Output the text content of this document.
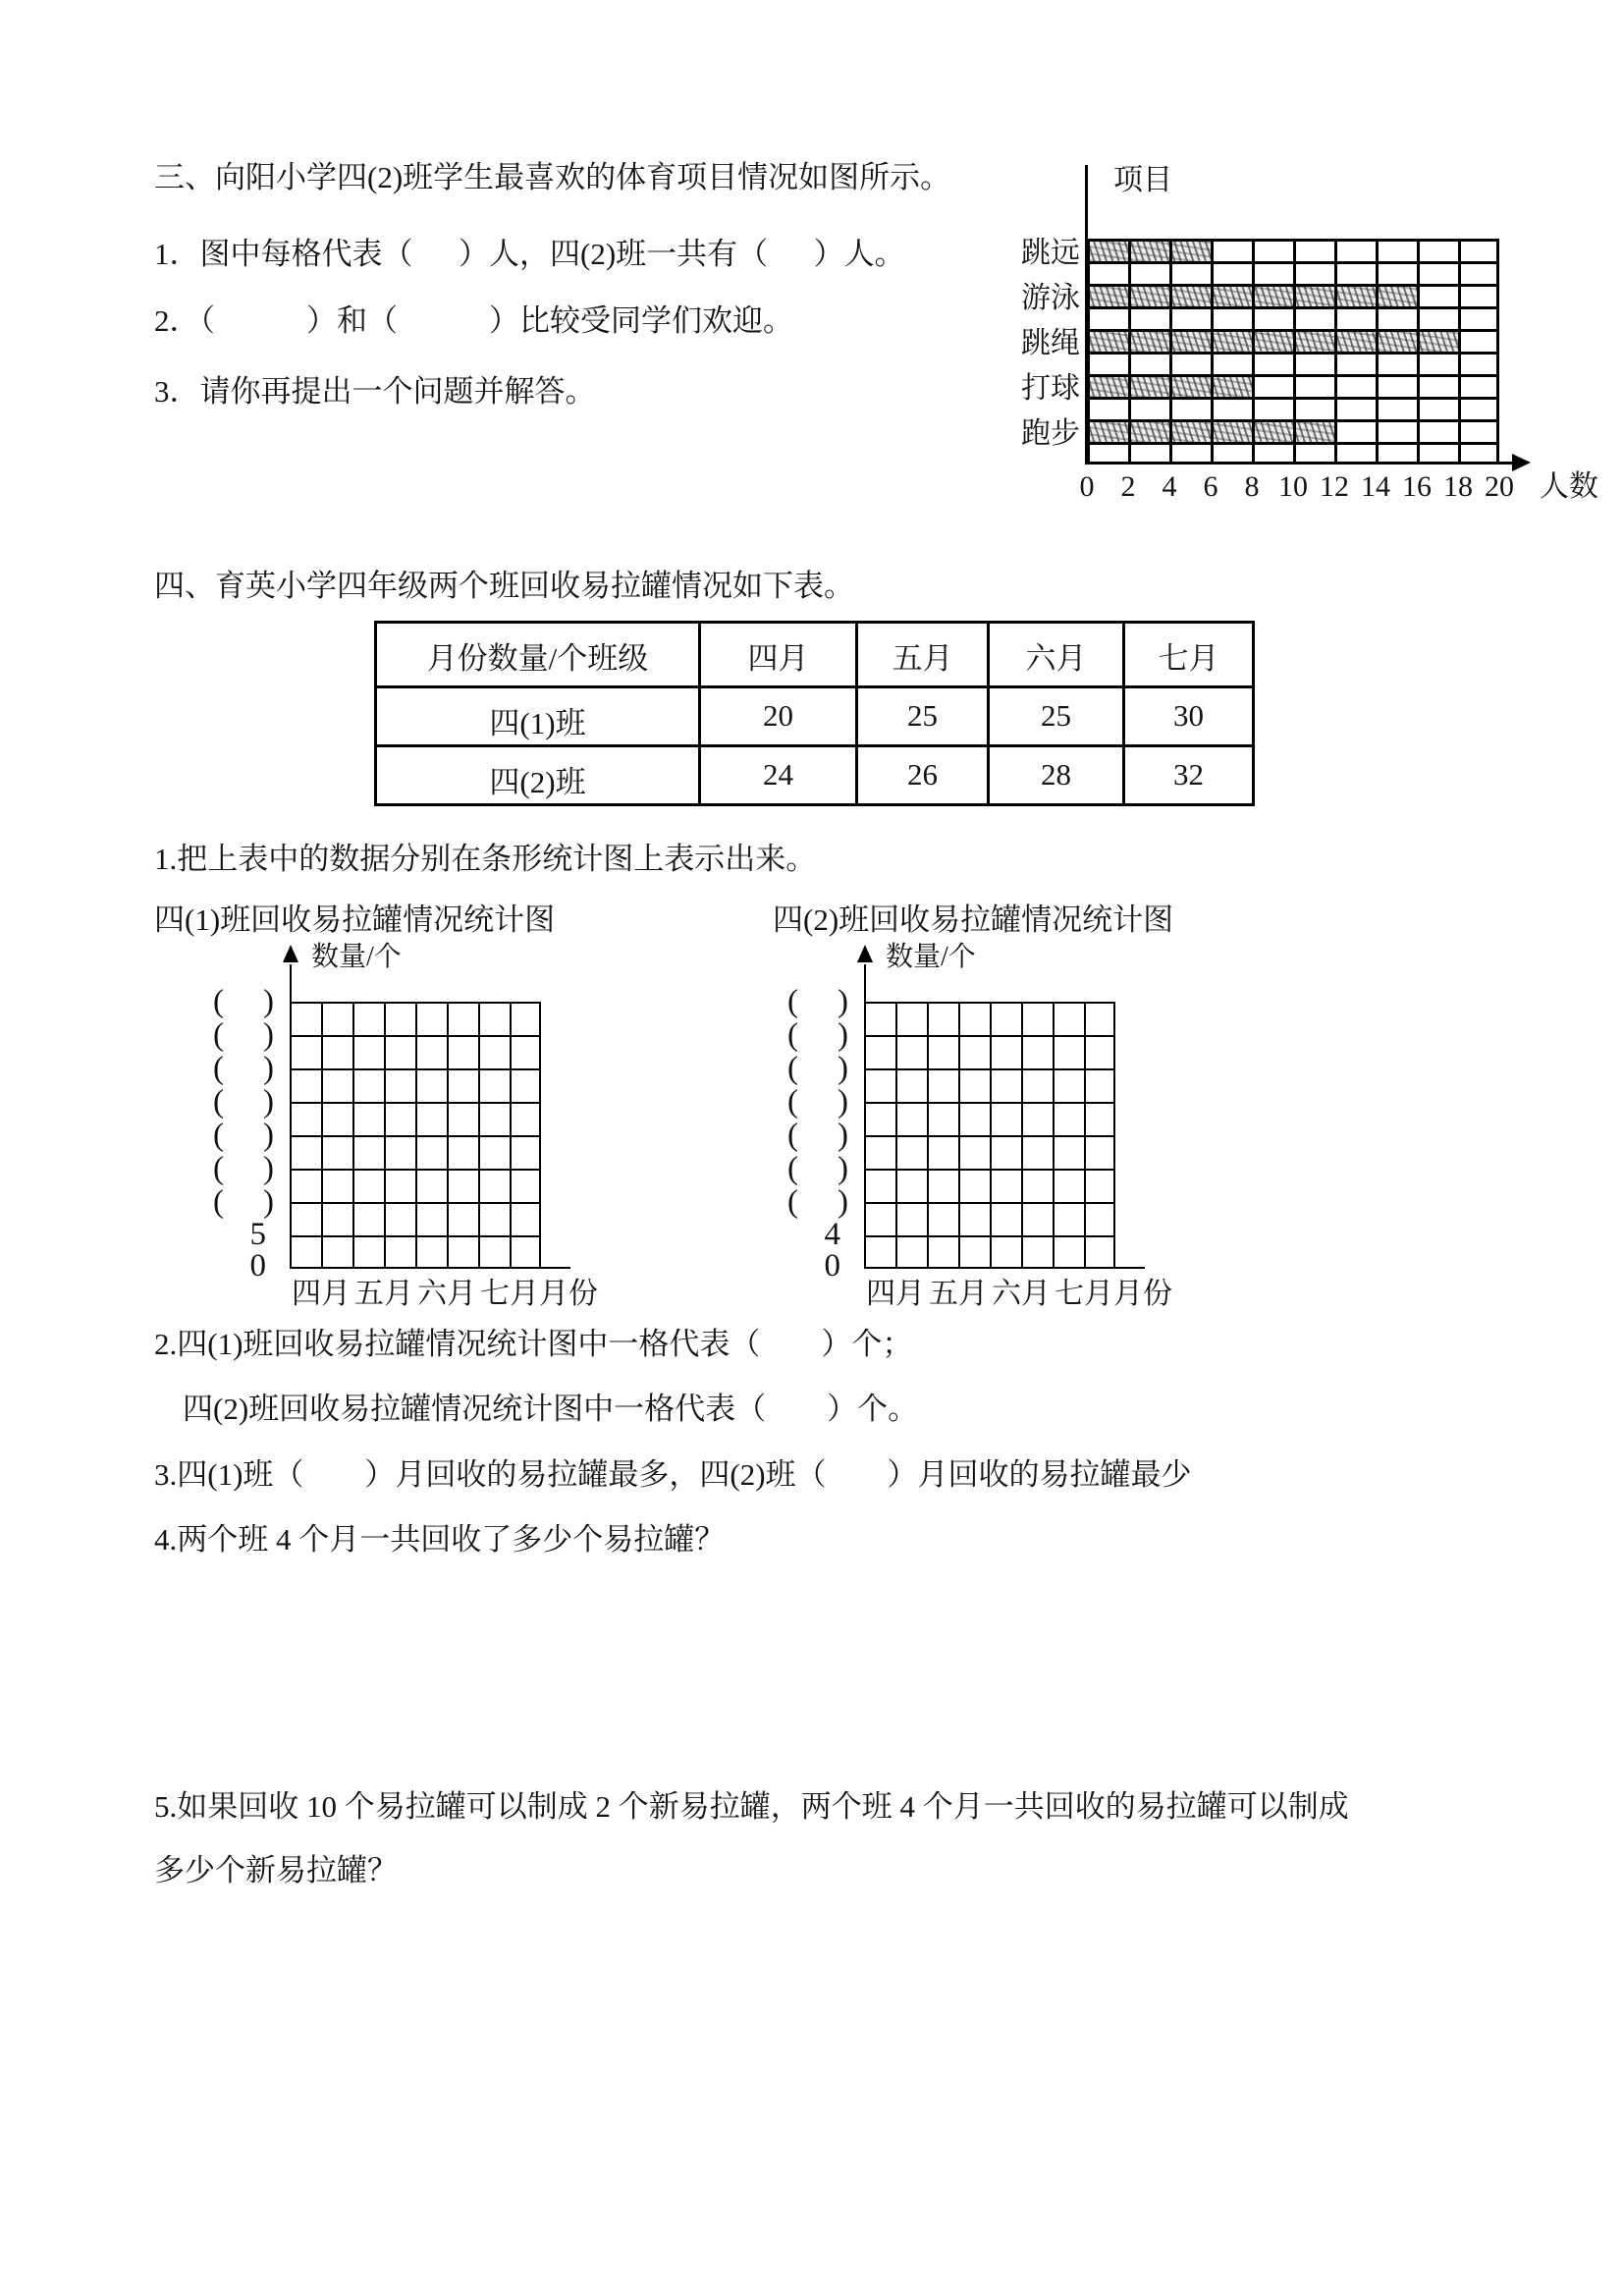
三、向阳小学四(2)班学生最喜欢的体育项目情况如图所示。
1．图中每格代表（      ）人，四(2)班一共有（      ）人。
2．（            ）和（            ）比较受同学们欢迎。
3．请你再提出一个问题并解答。
项目
人数
跳远
游泳
跳绳
打球
跑步
0 2 4 6 8 10 12 14 16 18 20
四、育英小学四年级两个班回收易拉罐情况如下表。
月份数量/个班级	四月	五月	六月	七月
四(1)班	20	25	25	30
四(2)班	24	26	28	32
1.把上表中的数据分别在条形统计图上表示出来。
四(1)班回收易拉罐情况统计图	四(2)班回收易拉罐情况统计图
数量/个
( )
( )
( )
( )
( )
( )
( )
5
0
四月 五月 六月 七月 月份
数量/个
( )
( )
( )
( )
( )
( )
( )
4
0
四月 五月 六月 七月 月份
2.四(1)班回收易拉罐情况统计图中一格代表（        ）个；
四(2)班回收易拉罐情况统计图中一格代表（        ）个。
3.四(1)班（        ）月回收的易拉罐最多，四(2)班（        ）月回收的易拉罐最少
4.两个班 4 个月一共回收了多少个易拉罐？
5.如果回收 10 个易拉罐可以制成 2 个新易拉罐，两个班 4 个月一共回收的易拉罐可以制成
多少个新易拉罐？
